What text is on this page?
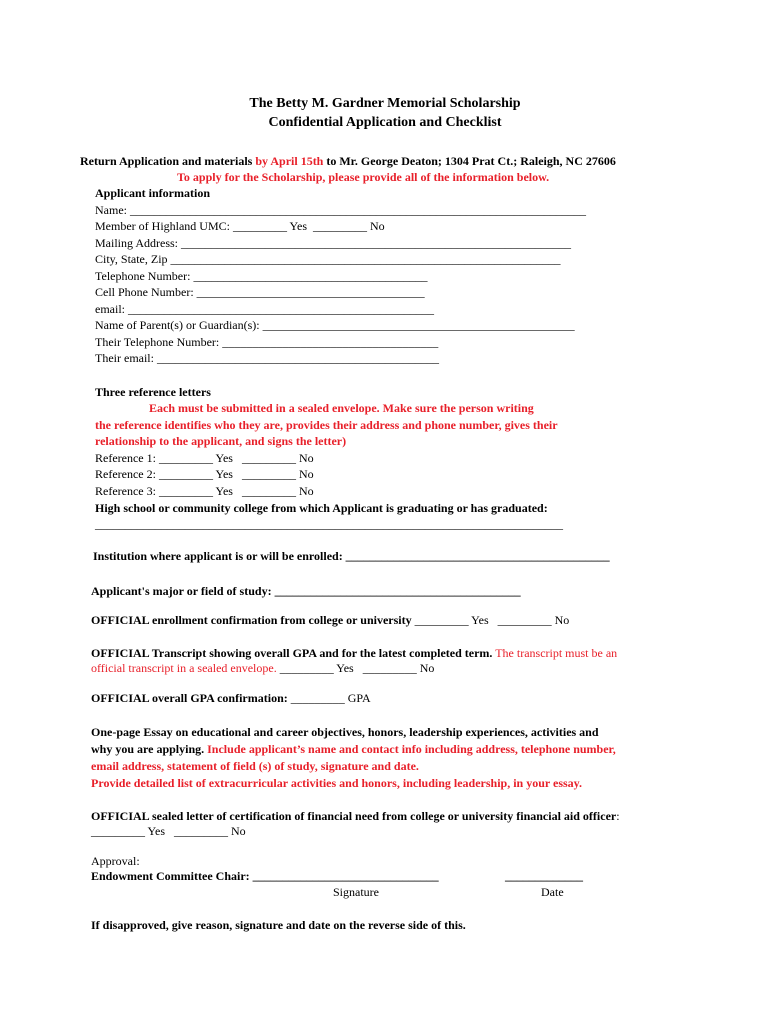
The Betty M. Gardner Memorial Scholarship
Confidential Application and Checklist
Return Application and materials by April 15th to Mr. George Deaton; 1304 Prat Ct.; Raleigh, NC 27606
To apply for the Scholarship, please provide all of the information below.
Applicant information
Name: ____________________________________________________________________________
Member of Highland UMC: _________ Yes  _________ No
Mailing Address: _________________________________________________________________
City, State, Zip _________________________________________________________________
Telephone Number: _______________________________________
Cell Phone Number: ______________________________________
email: ___________________________________________________
Name of Parent(s) or Guardian(s): ____________________________________________________
Their Telephone Number: ____________________________________
Their email: _______________________________________________
Three reference letters
Each must be submitted in a sealed envelope. Make sure the person writing
the reference identifies who they are, provides their address and phone number, gives their
relationship to the applicant, and signs the letter)
Reference 1: _________ Yes   _________ No
Reference 2: _________ Yes   _________ No
Reference 3: _________ Yes   _________ No
High school or community college from which Applicant is graduating or has graduated:
______________________________________________________________________________
Institution where applicant is or will be enrolled: ____________________________________________
Applicant's major or field of study: _________________________________________
OFFICIAL enrollment confirmation from college or university _________ Yes   _________ No
OFFICIAL Transcript showing overall GPA and for the latest completed term. The transcript must be an
official transcript in a sealed envelope. _________ Yes   _________ No
OFFICIAL overall GPA confirmation: _________ GPA
One-page Essay on educational and career objectives, honors, leadership experiences, activities and
why you are applying. Include applicant’s name and contact info including address, telephone number,
email address, statement of field (s) of study, signature and date.
Provide detailed list of extracurricular activities and honors, including leadership, in your essay.
OFFICIAL sealed letter of certification of financial need from college or university financial aid officer:
_________ Yes   _________ No
Approval:
Endowment Committee Chair: _______________________________	_____________
Signature	Date
If disapproved, give reason, signature and date on the reverse side of this.
